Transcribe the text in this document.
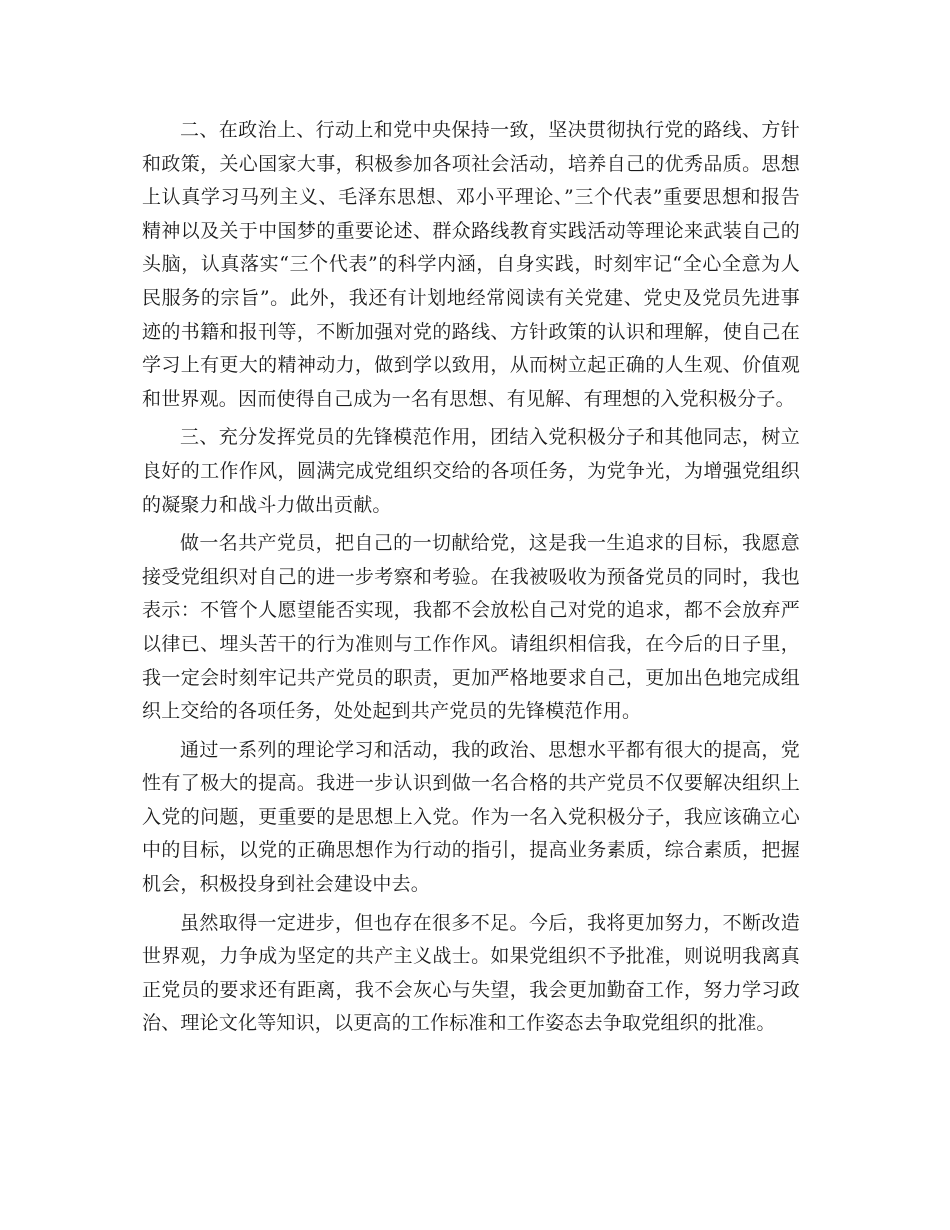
二、在政治上、行动上和党中央保持一致，坚决贯彻执行党的路线、方针和政策，关心国家大事，积极参加各项社会活动，培养自己的优秀品质。思想上认真学习马列主义、毛泽东思想、邓小平理论、”三个代表”重要思想和报告精神以及关于中国梦的重要论述、群众路线教育实践活动等理论来武装自己的头脑，认真落实“三个代表”的科学内涵，自身实践，时刻牢记“全心全意为人民服务的宗旨”。此外，我还有计划地经常阅读有关党建、党史及党员先进事迹的书籍和报刊等，不断加强对党的路线、方针政策的认识和理解，使自己在学习上有更大的精神动力，做到学以致用，从而树立起正确的人生观、价值观和世界观。因而使得自己成为一名有思想、有见解、有理想的入党积极分子。

三、充分发挥党员的先锋模范作用，团结入党积极分子和其他同志，树立良好的工作作风，圆满完成党组织交给的各项任务，为党争光，为增强党组织的凝聚力和战斗力做出贡献。

做一名共产党员，把自己的一切献给党，这是我一生追求的目标，我愿意接受党组织对自己的进一步考察和考验。在我被吸收为预备党员的同时，我也表示：不管个人愿望能否实现，我都不会放松自己对党的追求，都不会放弃严以律已、埋头苦干的行为准则与工作作风。请组织相信我，在今后的日子里，我一定会时刻牢记共产党员的职责，更加严格地要求自己，更加出色地完成组织上交给的各项任务，处处起到共产党员的先锋模范作用。

通过一系列的理论学习和活动，我的政治、思想水平都有很大的提高，党性有了极大的提高。我进一步认识到做一名合格的共产党员不仅要解决组织上入党的问题，更重要的是思想上入党。作为一名入党积极分子，我应该确立心中的目标，以党的正确思想作为行动的指引，提高业务素质，综合素质，把握机会，积极投身到社会建设中去。

虽然取得一定进步，但也存在很多不足。今后，我将更加努力，不断改造世界观，力争成为坚定的共产主义战士。如果党组织不予批准，则说明我离真正党员的要求还有距离，我不会灰心与失望，我会更加勤奋工作，努力学习政治、理论文化等知识，以更高的工作标准和工作姿态去争取党组织的批准。
